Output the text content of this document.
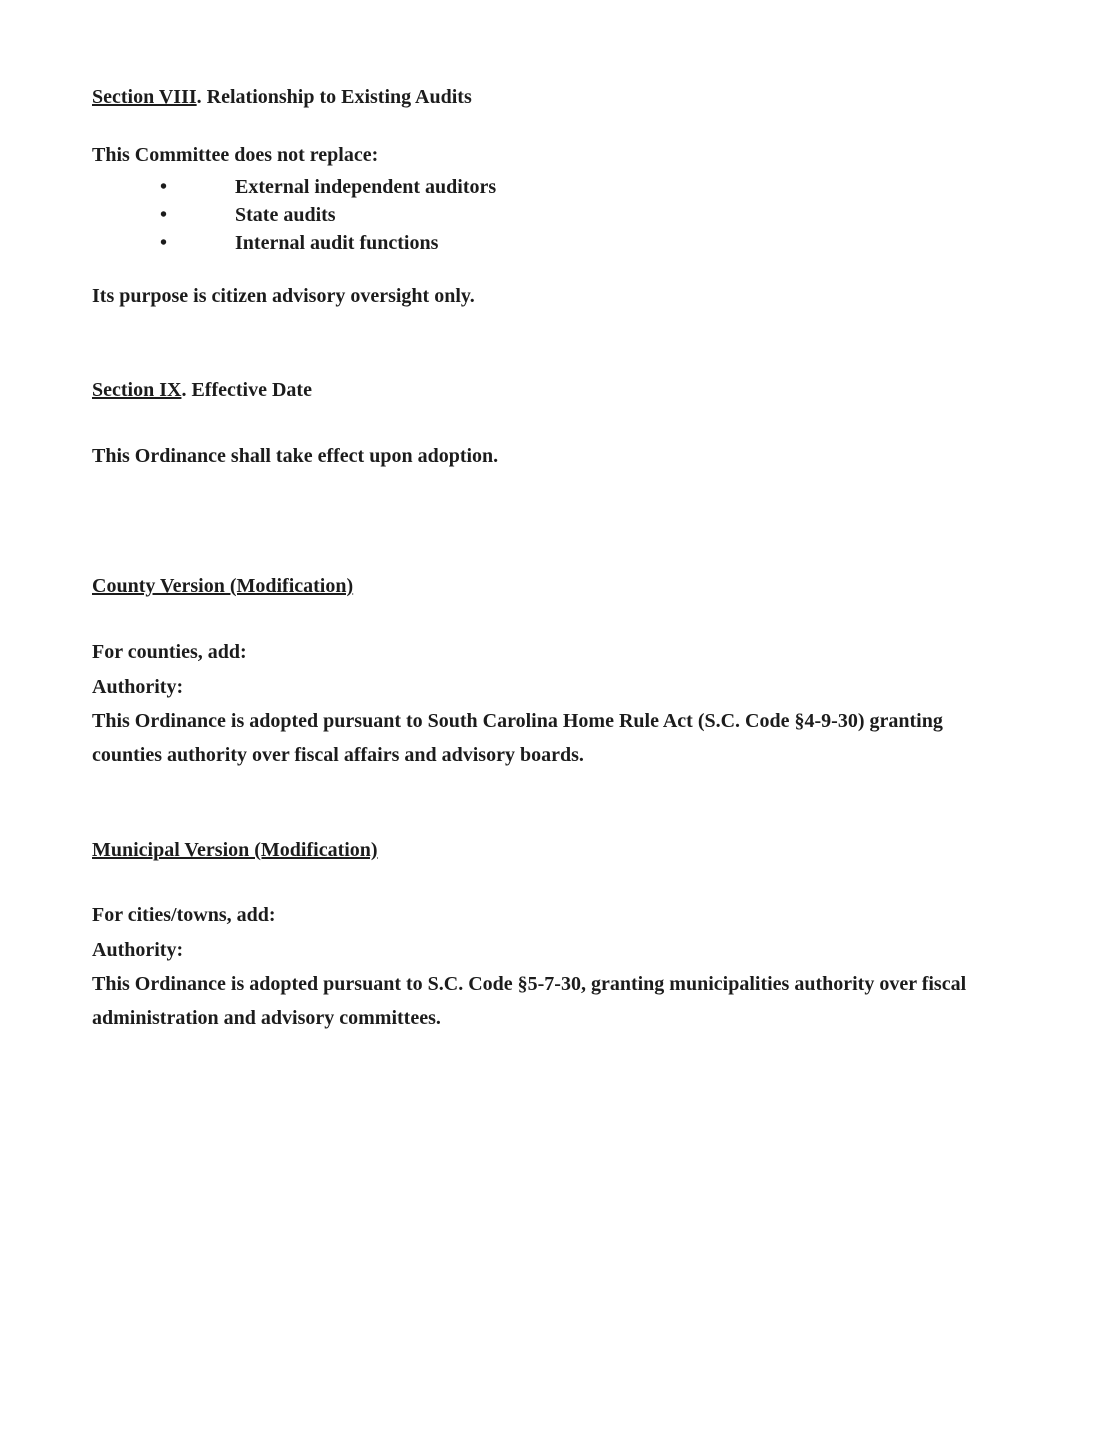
Section VIII. Relationship to Existing Audits

This Committee does not replace:

•	External independent auditors
•	State audits
•	Internal audit functions

Its purpose is citizen advisory oversight only.

Section IX. Effective Date

This Ordinance shall take effect upon adoption.

County Version (Modification)

For counties, add:

Authority:
This Ordinance is adopted pursuant to South Carolina Home Rule Act (S.C. Code §4-9-30) granting counties authority over fiscal affairs and advisory boards.

Municipal Version (Modification)

For cities/towns, add:

Authority:
This Ordinance is adopted pursuant to S.C. Code §5-7-30, granting municipalities authority over fiscal administration and advisory committees.
